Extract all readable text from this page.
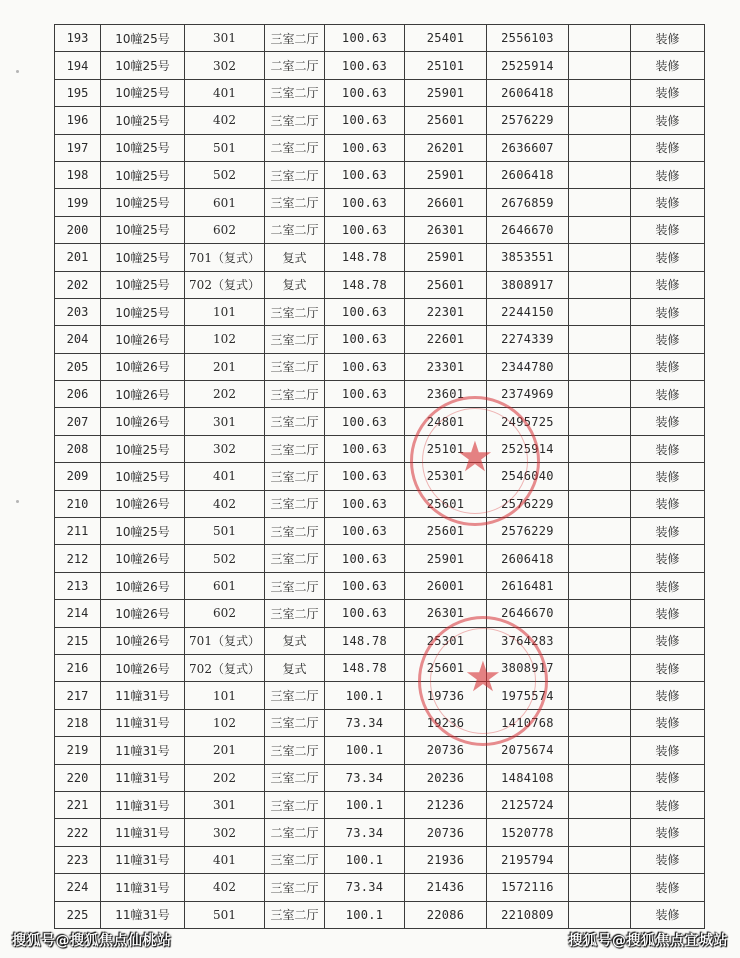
193	10幢25号	301	三室二厅	100.63	25401	2556103		装修
194	10幢25号	302	二室二厅	100.63	25101	2525914		装修
195	10幢25号	401	三室二厅	100.63	25901	2606418		装修
196	10幢25号	402	三室二厅	100.63	25601	2576229		装修
197	10幢25号	501	二室二厅	100.63	26201	2636607		装修
198	10幢25号	502	三室二厅	100.63	25901	2606418		装修
199	10幢25号	601	三室二厅	100.63	26601	2676859		装修
200	10幢25号	602	二室二厅	100.63	26301	2646670		装修
201	10幢25号	701（复式）	复式	148.78	25901	3853551		装修
202	10幢25号	702（复式）	复式	148.78	25601	3808917		装修
203	10幢25号	101	三室二厅	100.63	22301	2244150		装修
204	10幢26号	102	三室二厅	100.63	22601	2274339		装修
205	10幢26号	201	三室二厅	100.63	23301	2344780		装修
206	10幢26号	202	三室二厅	100.63	23601	2374969		装修
207	10幢26号	301	三室二厅	100.63	24801	2495725		装修
208	10幢25号	302	三室二厅	100.63	25101	2525914		装修
209	10幢25号	401	三室二厅	100.63	25301	2546040		装修
210	10幢26号	402	三室二厅	100.63	25601	2576229		装修
211	10幢25号	501	三室二厅	100.63	25601	2576229		装修
212	10幢26号	502	三室二厅	100.63	25901	2606418		装修
213	10幢26号	601	三室二厅	100.63	26001	2616481		装修
214	10幢26号	602	三室二厅	100.63	26301	2646670		装修
215	10幢26号	701（复式）	复式	148.78	25301	3764283		装修
216	10幢26号	702（复式）	复式	148.78	25601	3808917		装修
217	11幢31号	101	三室二厅	100.1	19736	1975574		装修
218	11幢31号	102	三室二厅	73.34	19236	1410768		装修
219	11幢31号	201	三室二厅	100.1	20736	2075674		装修
220	11幢31号	202	三室二厅	73.34	20236	1484108		装修
221	11幢31号	301	三室二厅	100.1	21236	2125724		装修
222	11幢31号	302	二室二厅	73.34	20736	1520778		装修
223	11幢31号	401	三室二厅	100.1	21936	2195794		装修
224	11幢31号	402	三室二厅	73.34	21436	1572116		装修
225	11幢31号	501	三室二厅	100.1	22086	2210809		装修
★
★
搜狐号@搜狐焦点仙桃站	搜狐号@搜狐焦点宜城站
